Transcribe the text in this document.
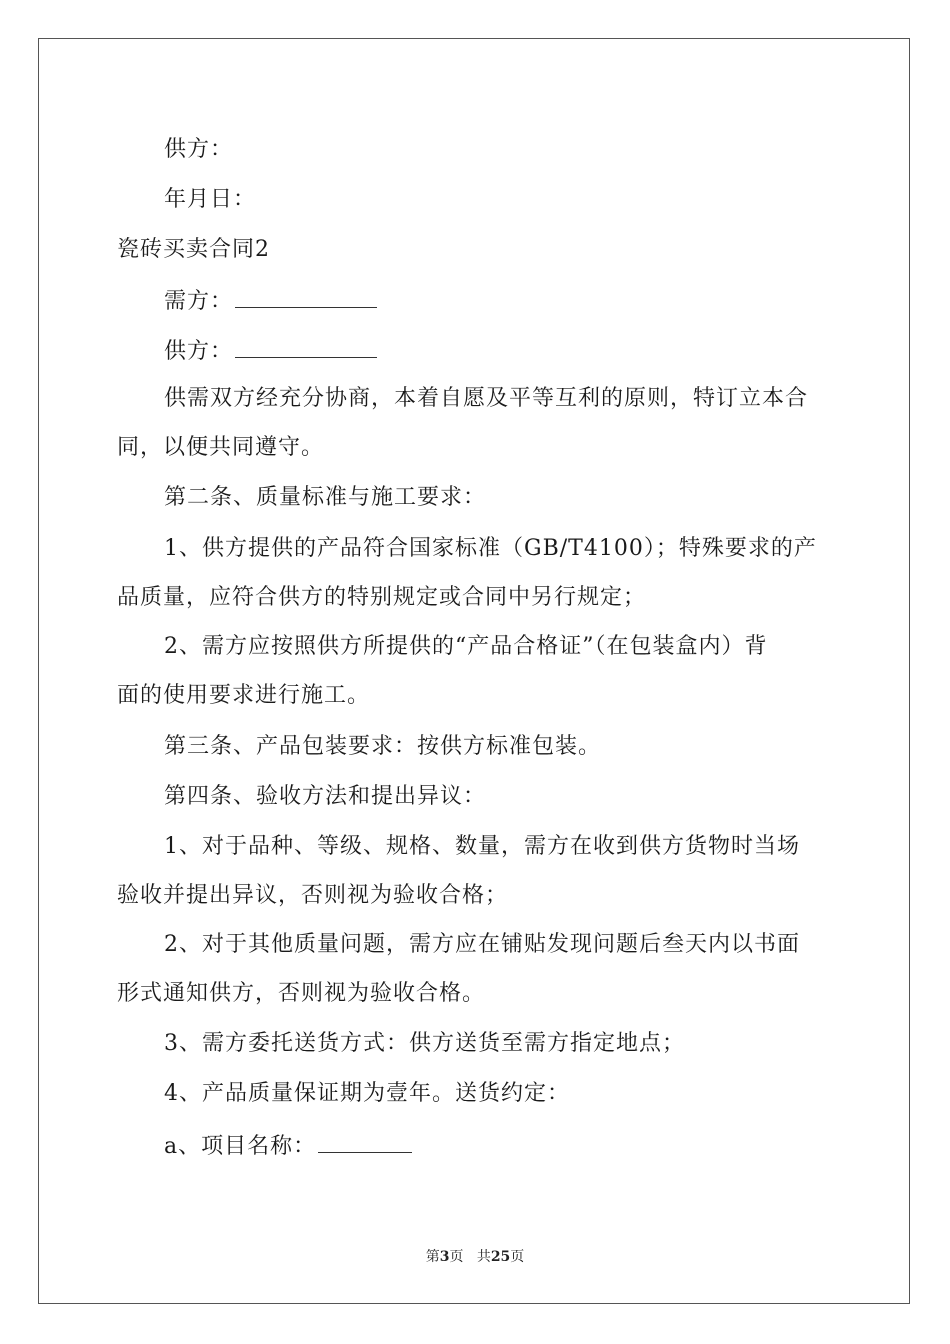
供方：
年月日：
瓷砖买卖合同2
需方：
供方：
供需双方经充分协商，本着自愿及平等互利的原则，特订立本合
同，以便共同遵守。
第二条、质量标准与施工要求：
1、供方提供的产品符合国家标准（GB/T4100）；特殊要求的产
品质量，应符合供方的特别规定或合同中另行规定；
2、需方应按照供方所提供的“产品合格证”（在包装盒内）背
面的使用要求进行施工。
第三条、产品包装要求：按供方标准包装。
第四条、验收方法和提出异议：
1、对于品种、等级、规格、数量，需方在收到供方货物时当场
验收并提出异议，否则视为验收合格；
2、对于其他质量问题，需方应在铺贴发现问题后叁天内以书面
形式通知供方，否则视为验收合格。
3、需方委托送货方式：供方送货至需方指定地点；
4、产品质量保证期为壹年。送货约定：
a、项目名称：
第3页 共25页
